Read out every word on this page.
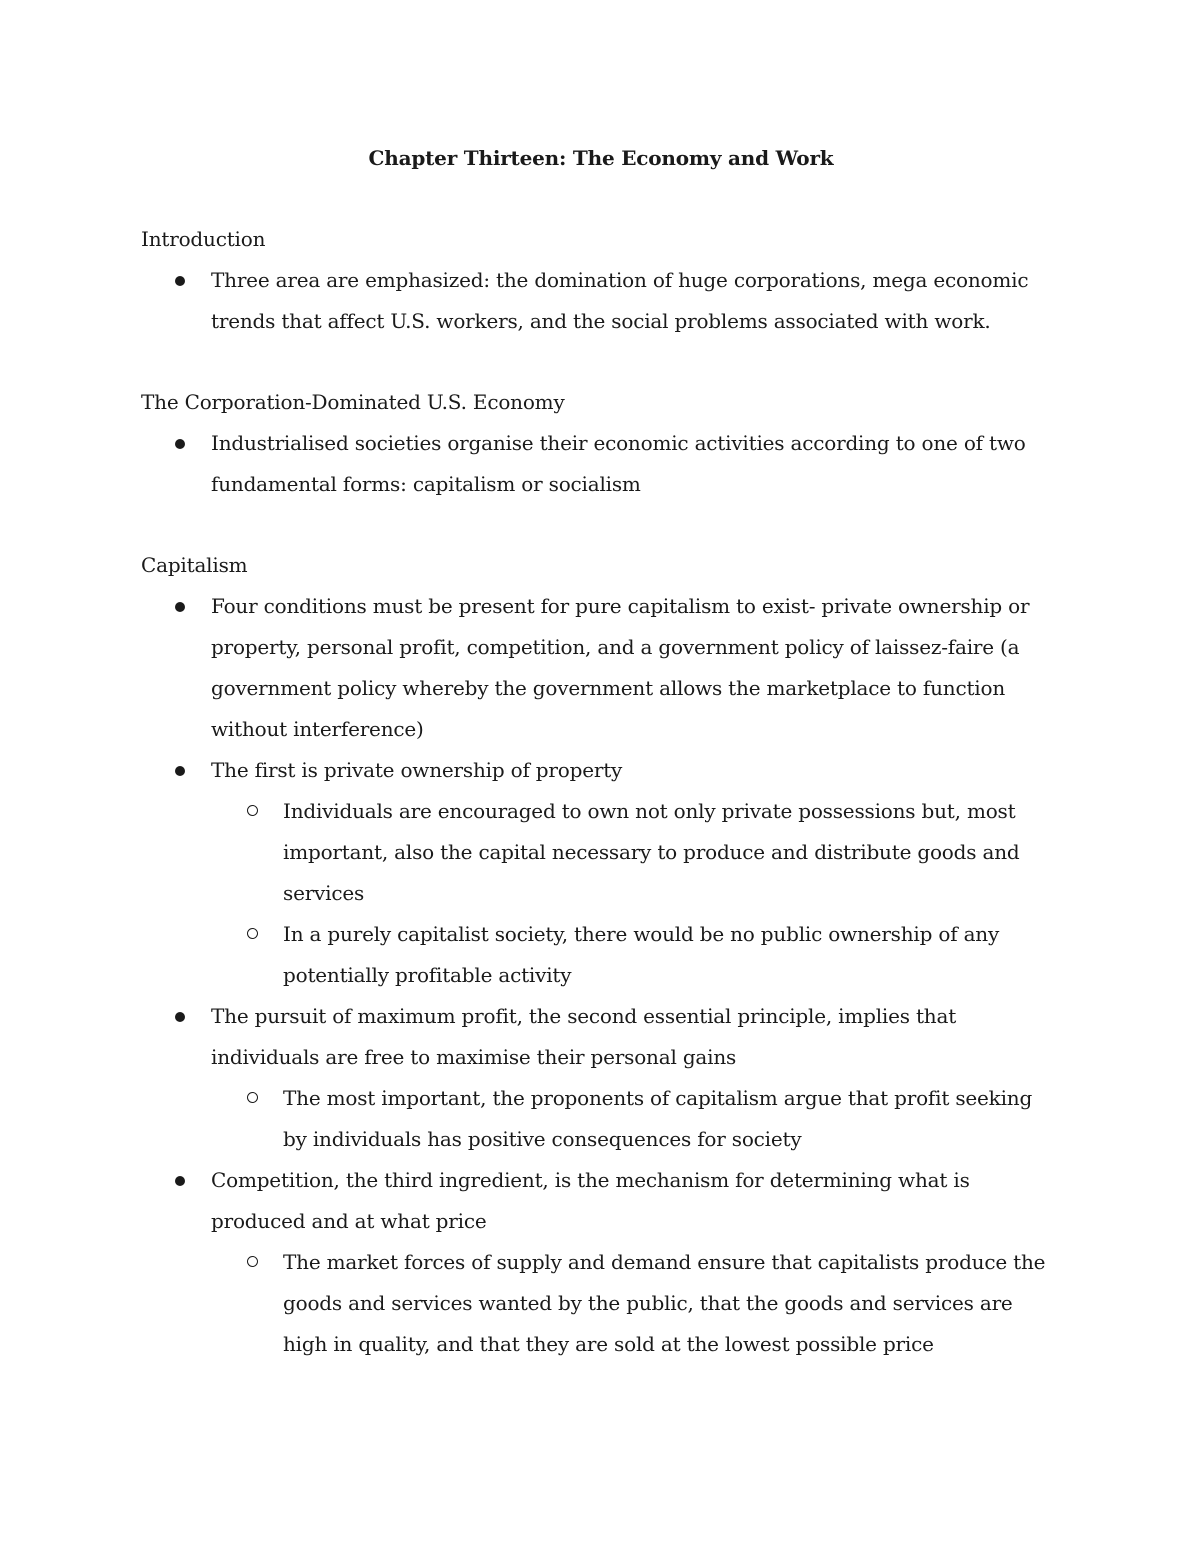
Chapter Thirteen: The Economy and Work

Introduction

Three area are emphasized: the domination of huge corporations, mega economic trends that affect U.S. workers, and the social problems associated with work.

The Corporation-Dominated U.S. Economy

Industrialised societies organise their economic activities according to one of two fundamental forms: capitalism or socialism

Capitalism

Four conditions must be present for pure capitalism to exist- private ownership or property, personal profit, competition, and a government policy of laissez-faire (a government policy whereby the government allows the marketplace to function without interference)
The first is private ownership of property
Individuals are encouraged to own not only private possessions but, most important, also the capital necessary to produce and distribute goods and services
In a purely capitalist society, there would be no public ownership of any potentially profitable activity
The pursuit of maximum profit, the second essential principle, implies that individuals are free to maximise their personal gains
The most important, the proponents of capitalism argue that profit seeking by individuals has positive consequences for society
Competition, the third ingredient, is the mechanism for determining what is produced and at what price
The market forces of supply and demand ensure that capitalists produce the goods and services wanted by the public, that the goods and services are high in quality, and that they are sold at the lowest possible price
